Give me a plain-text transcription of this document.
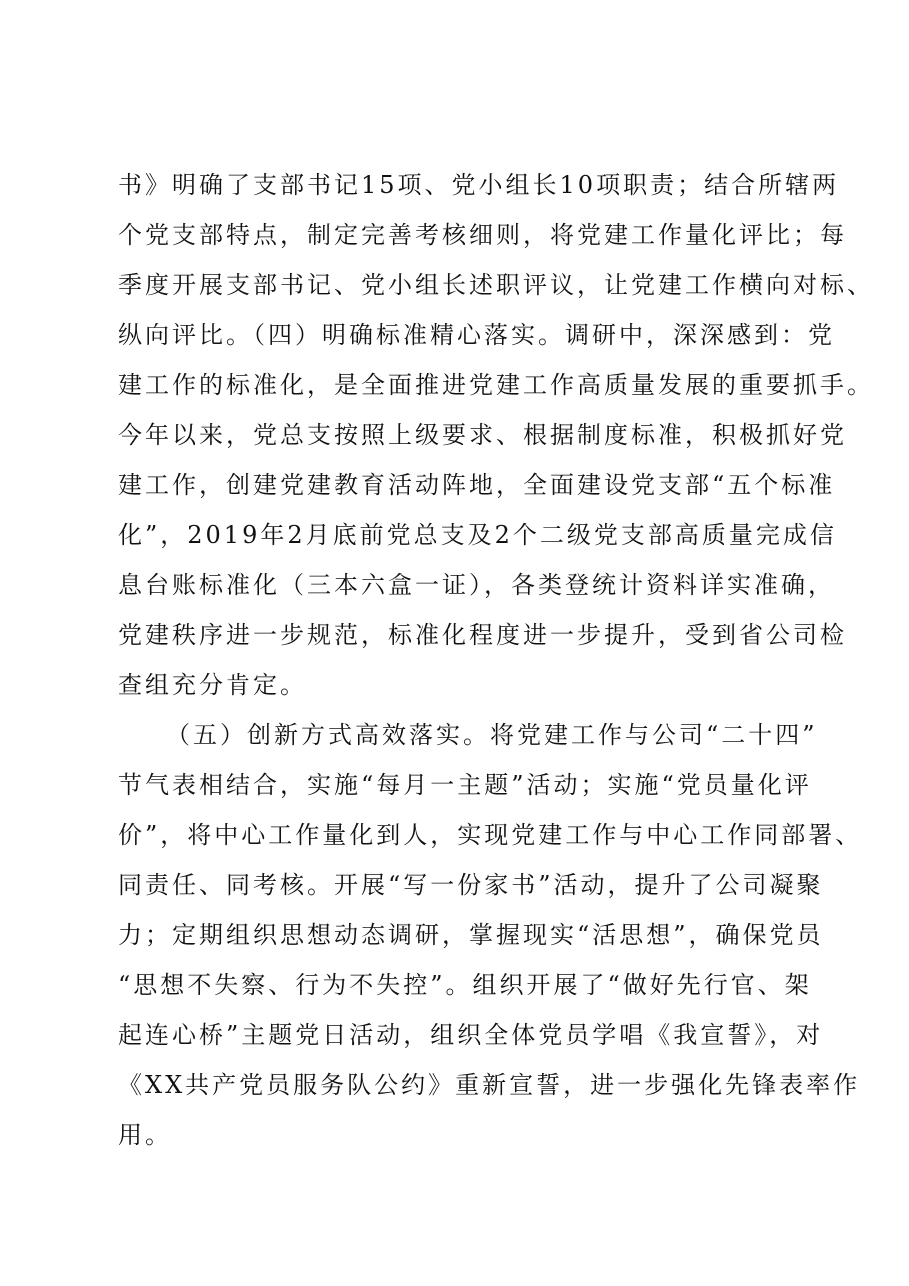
书》明确了支部书记15项、党小组长10项职责；结合所辖两
个党支部特点，制定完善考核细则，将党建工作量化评比；每
季度开展支部书记、党小组长述职评议，让党建工作横向对标、
纵向评比。（四）明确标准精心落实。调研中，深深感到：党
建工作的标准化，是全面推进党建工作高质量发展的重要抓手。
今年以来，党总支按照上级要求、根据制度标准，积极抓好党
建工作，创建党建教育活动阵地，全面建设党支部“五个标准
化”，2019年2月底前党总支及2个二级党支部高质量完成信
息台账标准化（三本六盒一证），各类登统计资料详实准确，
党建秩序进一步规范，标准化程度进一步提升，受到省公司检
查组充分肯定。
（五）创新方式高效落实。将党建工作与公司“二十四”
节气表相结合，实施“每月一主题”活动；实施“党员量化评
价”，将中心工作量化到人，实现党建工作与中心工作同部署、
同责任、同考核。开展“写一份家书”活动，提升了公司凝聚
力；定期组织思想动态调研，掌握现实“活思想”，确保党员
“思想不失察、行为不失控”。组织开展了“做好先行官、架
起连心桥”主题党日活动，组织全体党员学唱《我宣誓》，对
《XX共产党员服务队公约》重新宣誓，进一步强化先锋表率作
用。
